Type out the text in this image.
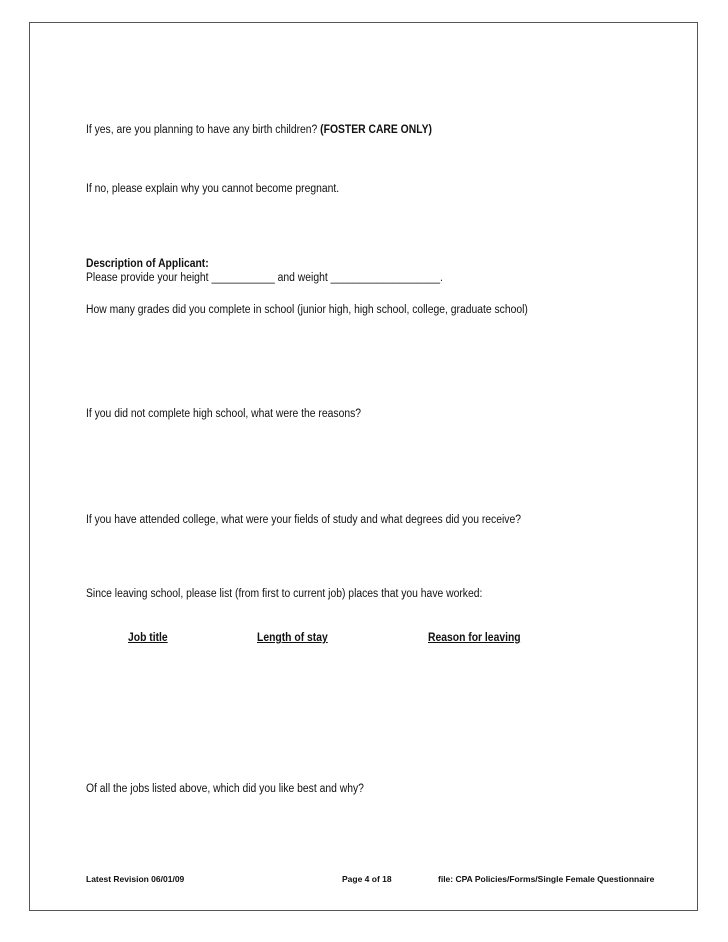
If yes, are you planning to have any birth children? (FOSTER CARE ONLY)
If no, please explain why you cannot become pregnant.
Description of Applicant:
Please provide your height ___________ and weight ___________________.
How many grades did you complete in school (junior high, high school, college, graduate school)
If you did not complete high school, what were the reasons?
If you have attended college, what were your fields of study and what degrees did you receive?
Since leaving school, please list (from first to current job) places that you have worked:
Job title	Length of stay	Reason for leaving
Of all the jobs listed above, which did you like best and why?
Latest Revision 06/01/09	Page 4 of 18	file: CPA Policies/Forms/Single Female Questionnaire
